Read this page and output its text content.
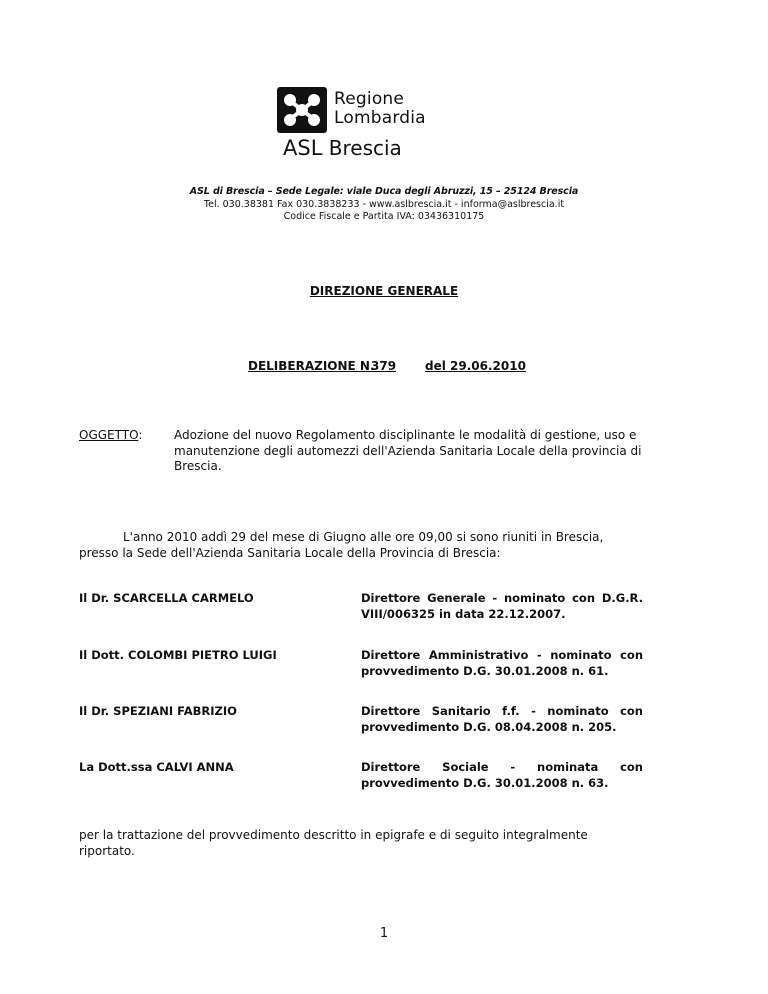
Regione
Lombardia
ASL Brescia
ASL di Brescia – Sede Legale: viale Duca degli Abruzzi, 15 – 25124 Brescia
Tel. 030.38381 Fax 030.3838233 - www.aslbrescia.it - informa@aslbrescia.it
Codice Fiscale e Partita IVA: 03436310175
DIREZIONE GENERALE
DELIBERAZIONE N.
379 del 29.06.2010
OGGETTO:	Adozione del nuovo Regolamento disciplinante le modalità di gestione, uso e manutenzione degli automezzi dell'Azienda Sanitaria Locale della provincia di Brescia.
L'anno 2010 addì 29 del mese di Giugno alle ore 09,00 si sono riuniti in Brescia, presso la Sede dell'Azienda Sanitaria Locale della Provincia di Brescia:
Il Dr. SCARCELLA CARMELO	Direttore Generale - nominato con D.G.R. VIII/006325 in data 22.12.2007.
Il Dott. COLOMBI PIETRO LUIGI	Direttore Amministrativo - nominato con provvedimento D.G. 30.01.2008 n. 61.
Il Dr. SPEZIANI FABRIZIO	Direttore Sanitario f.f. - nominato con provvedimento D.G. 08.04.2008 n. 205.
La Dott.ssa CALVI ANNA	Direttore Sociale - nominata con provvedimento D.G. 30.01.2008 n. 63.
per la trattazione del provvedimento descritto in epigrafe e di seguito integralmente riportato.
1
